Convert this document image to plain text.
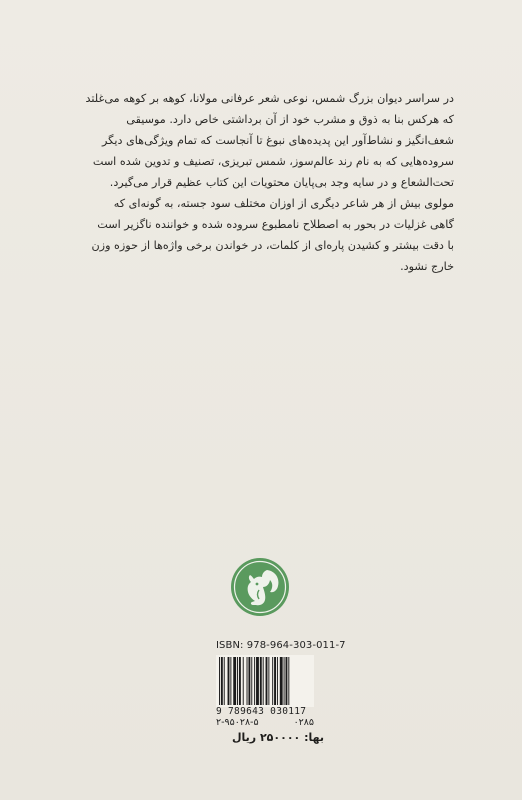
در سراسر دیوان بزرگ شمس، نوعی شعر عرفانی مولانا، کوهه بر کوهه می‌غلتد

که هرکس بنا به ذوق و مشرب خود از آن برداشتی خاص دارد. موسیقی

شعف‌انگیز و نشاط‌آور این پدیده‌های نبوغ تا آنجاست که تمام ویژگی‌های دیگر

سروده‌هایی که به نام رند عالم‌سوز، شمس تبریزی، تصنیف و تدوین شده است

تحت‌الشعاع و در سایه وجد بی‌پایان محتویات این کتاب عظیم قرار می‌گیرد.

مولوی بیش از هر شاعر دیگری از اوزان مختلف سود جسته، به گونه‌ای که

گاهی غزلیات در بحور به اصطلاح نامطبوع سروده شده و خواننده ناگزیر است

با دقت بیشتر و کشیدن پاره‌ای از کلمات، در خواندن برخی واژه‌ها از حوزه وزن

خارج نشود.

ISBN: 978-964-303-011-7
9 789643 030117
۲-۹۵۰۲۸-۵	۰۲۸۵
بها: ۲۵۰۰۰۰ ریال
